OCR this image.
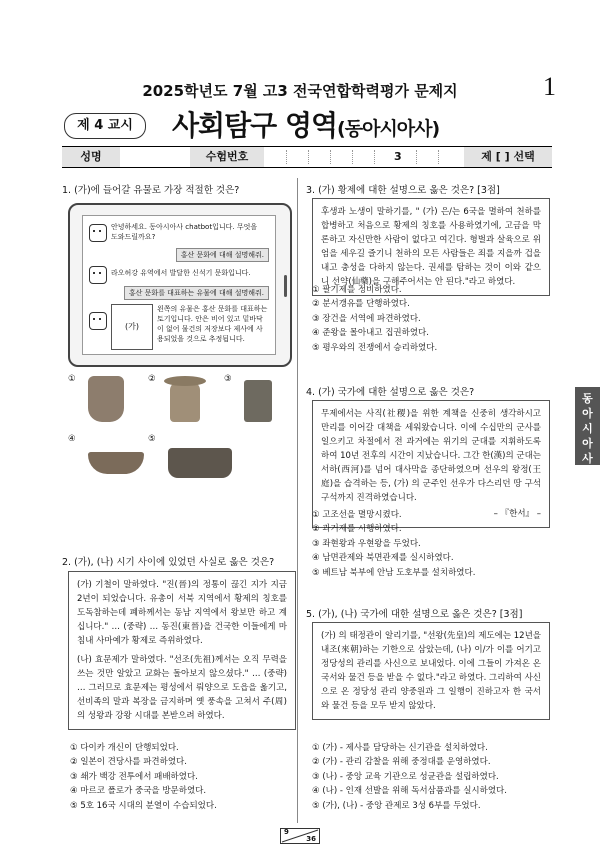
2025학년도 7월 고3 전국연합학력평가 문제지	1
제 4 교시	사회탐구 영역(동아시아사)
성명	수험번호	3	제 [ ] 선택
동
아
시
아
사
1. (가)에 들어갈 유물로 가장 적절한 것은?
안녕하세요. 동아시아사 chatbot입니다. 무엇을 도와드릴까요?
홍산 문화에 대해 설명해줘.
라오허강 유역에서 발달한 신석기 문화입니다.
홍산 문화를 대표하는 유물에 대해 설명해줘.
(가)
왼쪽의 유물은 홍산 문화를 대표하는 토기입니다. 안은 비어 있고 밑바닥이 없어 물건의 저장보다 제사에 사용되었을 것으로 추정됩니다.
①	②	③
④	⑤
2. (가), (나) 시기 사이에 있었던 사실로 옳은 것은?
(가) 기철이 말하였다. "진(晉)의 정통이 끊긴 지가 지금 2년이 되었습니다. 유총이 서북 지역에서 황제의 칭호를 도독참하는데 폐하께서는 동남 지역에서 왕보만 하고 계십니다." … (중략) … 동진(東晉)을 건국한 이들에게 마침내 사마예가 황제로 즉위하였다.
(나) 효문제가 말하였다. "선조(先祖)께서는 오직 무력을 쓰는 것만 알았고 교화는 돌아보지 않으셨다." … (중략) … 그러므로 효문제는 평성에서 뤄양으로 도읍을 옮기고, 선비족의 말과 복장을 금지하며 옛 풍속을 고쳐서 주(周)의 성왕과 강왕 시대를 본받으려 하였다.
① 다이카 개신이 단행되었다.
② 일본이 견당사를 파견하였다.
③ 쇄가 백강 전투에서 패배하였다.
④ 마르코 폴로가 중국을 방문하였다.
⑤ 5호 16국 시대의 분열이 수습되었다.
3. (가) 황제에 대한 설명으로 옳은 것은? [3점]
후생과 노생이 말하기를, " (가) 은/는 6국을 멸하여 천하를 합병하고 처음으로 황제의 칭호를 사용하였기에, 고금을 막론하고 자신만한 사람이 없다고 여긴다. 형벌과 살육으로 위엄을 세우길 즐기니 천하의 모든 사람들은 죄를 지을까 겁을 내고 충성을 다하지 않는다. 권세를 탐하는 것이 이와 같으니 선약(仙藥)을 구해주어서는 안 된다."라고 하였다.
① 팔기제를 정비하였다.
② 분서갱유를 단행하였다.
③ 장건을 서역에 파견하였다.
④ 준왕을 몰아내고 집권하였다.
⑤ 평우와의 전쟁에서 승리하였다.
4. (가) 국가에 대한 설명으로 옳은 것은?
무제에서는 사직(社稷)을 위한 계책을 신중히 생각하시고 만리를 이어갈 대책을 세워왔습니다. 이에 수십만의 군사를 일으키고 차절에서 전 과거에는 위기의 군대를 지휘하도록 하여 10년 전후의 시간이 지났습니다. 그간 한(漢)의 군대는 서하(西河)를 넘어 대사막을 종단하였으며 선우의 왕정(王庭)을 습격하는 등, (가) 의 군주인 선우가 다스리던 땅 구석구석까지 진격하였습니다.
– 『한서』 –
① 고조선을 멸망시켰다.
② 과거제를 시행하였다.
③ 좌현왕과 우현왕을 두었다.
④ 남면관제와 북면관제를 실시하였다.
⑤ 베트남 북부에 안남 도호부를 설치하였다.
5. (가), (나) 국가에 대한 설명으로 옳은 것은? [3점]
(가) 의 태정관이 알리기를, "선왕(先皇)의 제도에는 12년을 내조(來朝)하는 기한으로 삼았는데, (나) 이/가 이를 어기고 정당성의 관리를 사신으로 보내었다. 이에 그들이 가져온 온 국서와 물건 등을 받을 수 없다."라고 하였다. 그리하여 사신으로 온 정당성 관리 양중원과 그 일행이 진하고자 한 국서와 물건 등을 모두 받지 않았다.
① (가) - 제사를 담당하는 신기관을 설치하였다.
② (가) - 관리 감찰을 위해 중정대를 운영하였다.
③ (나) - 중앙 교육 기관으로 성균관을 설립하였다.
④ (나) - 인재 선발을 위해 독서삼품과를 실시하였다.
⑤ (가), (나) - 중앙 관제로 3성 6부를 두었다.
9
36
